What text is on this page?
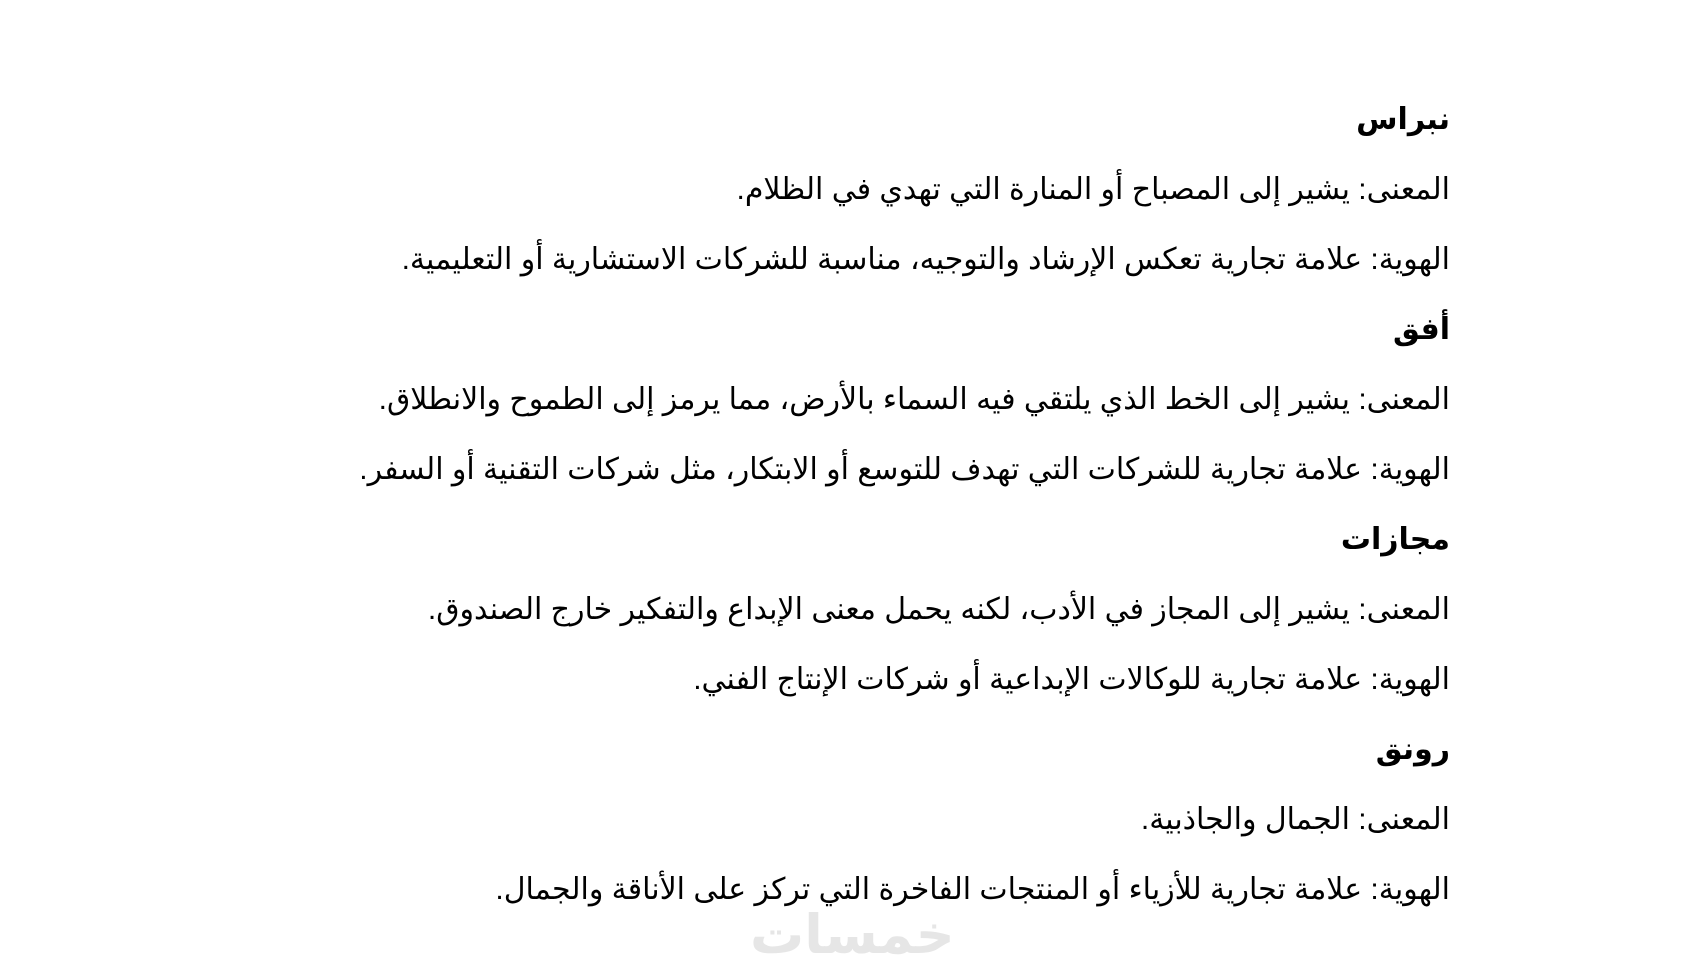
نبراس
المعنى: يشير إلى المصباح أو المنارة التي تهدي في الظلام.
الهوية: علامة تجارية تعكس الإرشاد والتوجيه، مناسبة للشركات الاستشارية أو التعليمية.
أفق
المعنى: يشير إلى الخط الذي يلتقي فيه السماء بالأرض، مما يرمز إلى الطموح والانطلاق.
الهوية: علامة تجارية للشركات التي تهدف للتوسع أو الابتكار، مثل شركات التقنية أو السفر.
مجازات
المعنى: يشير إلى المجاز في الأدب، لكنه يحمل معنى الإبداع والتفكير خارج الصندوق.
الهوية: علامة تجارية للوكالات الإبداعية أو شركات الإنتاج الفني.
رونق
المعنى: الجمال والجاذبية.
الهوية: علامة تجارية للأزياء أو المنتجات الفاخرة التي تركز على الأناقة والجمال.
خمسات
